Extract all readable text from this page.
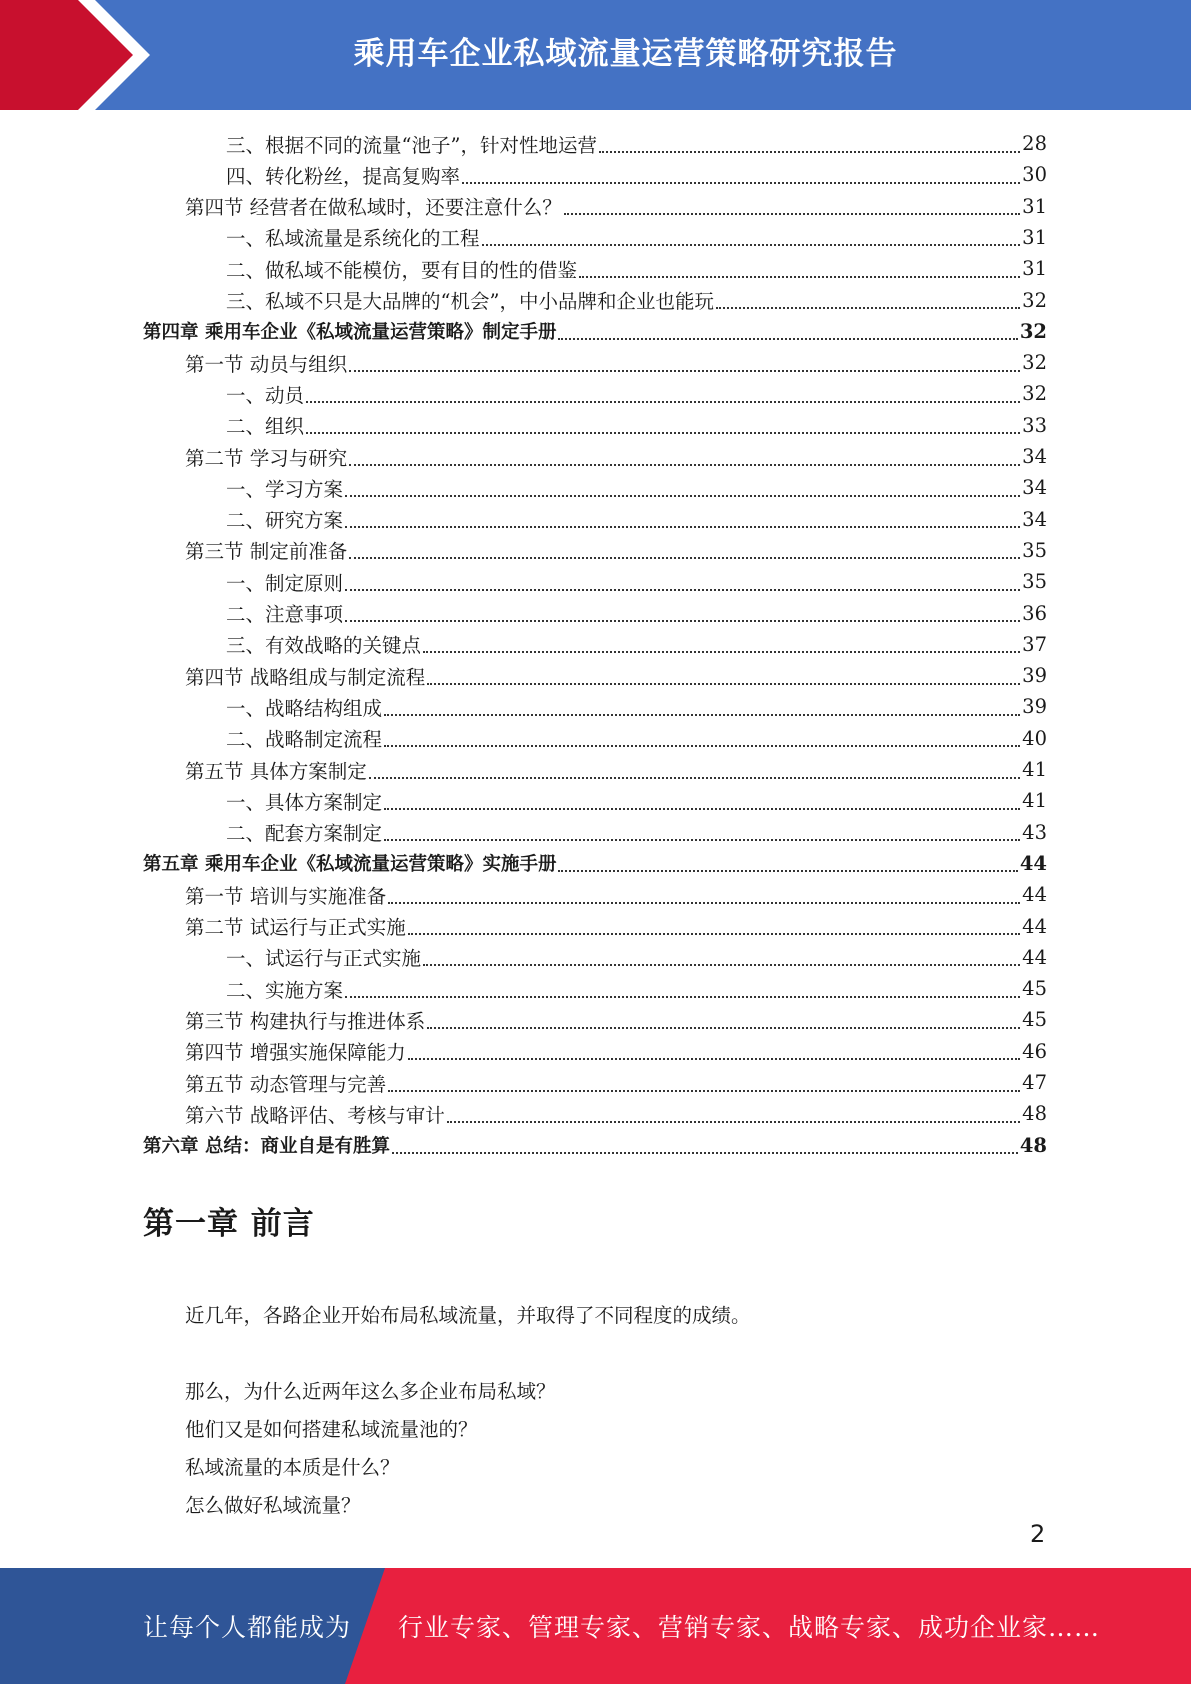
乘用车企业私域流量运营策略研究报告
三、根据不同的流量“池子”，针对性地运营	28
四、转化粉丝，提高复购率	30
第四节 经营者在做私域时，还要注意什么？	31
一、私域流量是系统化的工程	31
二、做私域不能模仿，要有目的性的借鉴	31
三、私域不只是大品牌的“机会”，中小品牌和企业也能玩	32
第四章 乘用车企业《私域流量运营策略》制定手册	32
第一节 动员与组织	32
一、动员	32
二、组织	33
第二节 学习与研究	34
一、学习方案	34
二、研究方案	34
第三节 制定前准备	35
一、制定原则	35
二、注意事项	36
三、有效战略的关键点	37
第四节 战略组成与制定流程	39
一、战略结构组成	39
二、战略制定流程	40
第五节 具体方案制定	41
一、具体方案制定	41
二、配套方案制定	43
第五章 乘用车企业《私域流量运营策略》实施手册	44
第一节 培训与实施准备	44
第二节 试运行与正式实施	44
一、试运行与正式实施	44
二、实施方案	45
第三节 构建执行与推进体系	45
第四节 增强实施保障能力	46
第五节 动态管理与完善	47
第六节 战略评估、考核与审计	48
第六章 总结：商业自是有胜算	48
第一章 前言
近几年，各路企业开始布局私域流量，并取得了不同程度的成绩。
那么，为什么近两年这么多企业布局私域？
他们又是如何搭建私域流量池的？
私域流量的本质是什么？
怎么做好私域流量？
2
让每个人都能成为 行业专家、管理专家、营销专家、战略专家、成功企业家……
